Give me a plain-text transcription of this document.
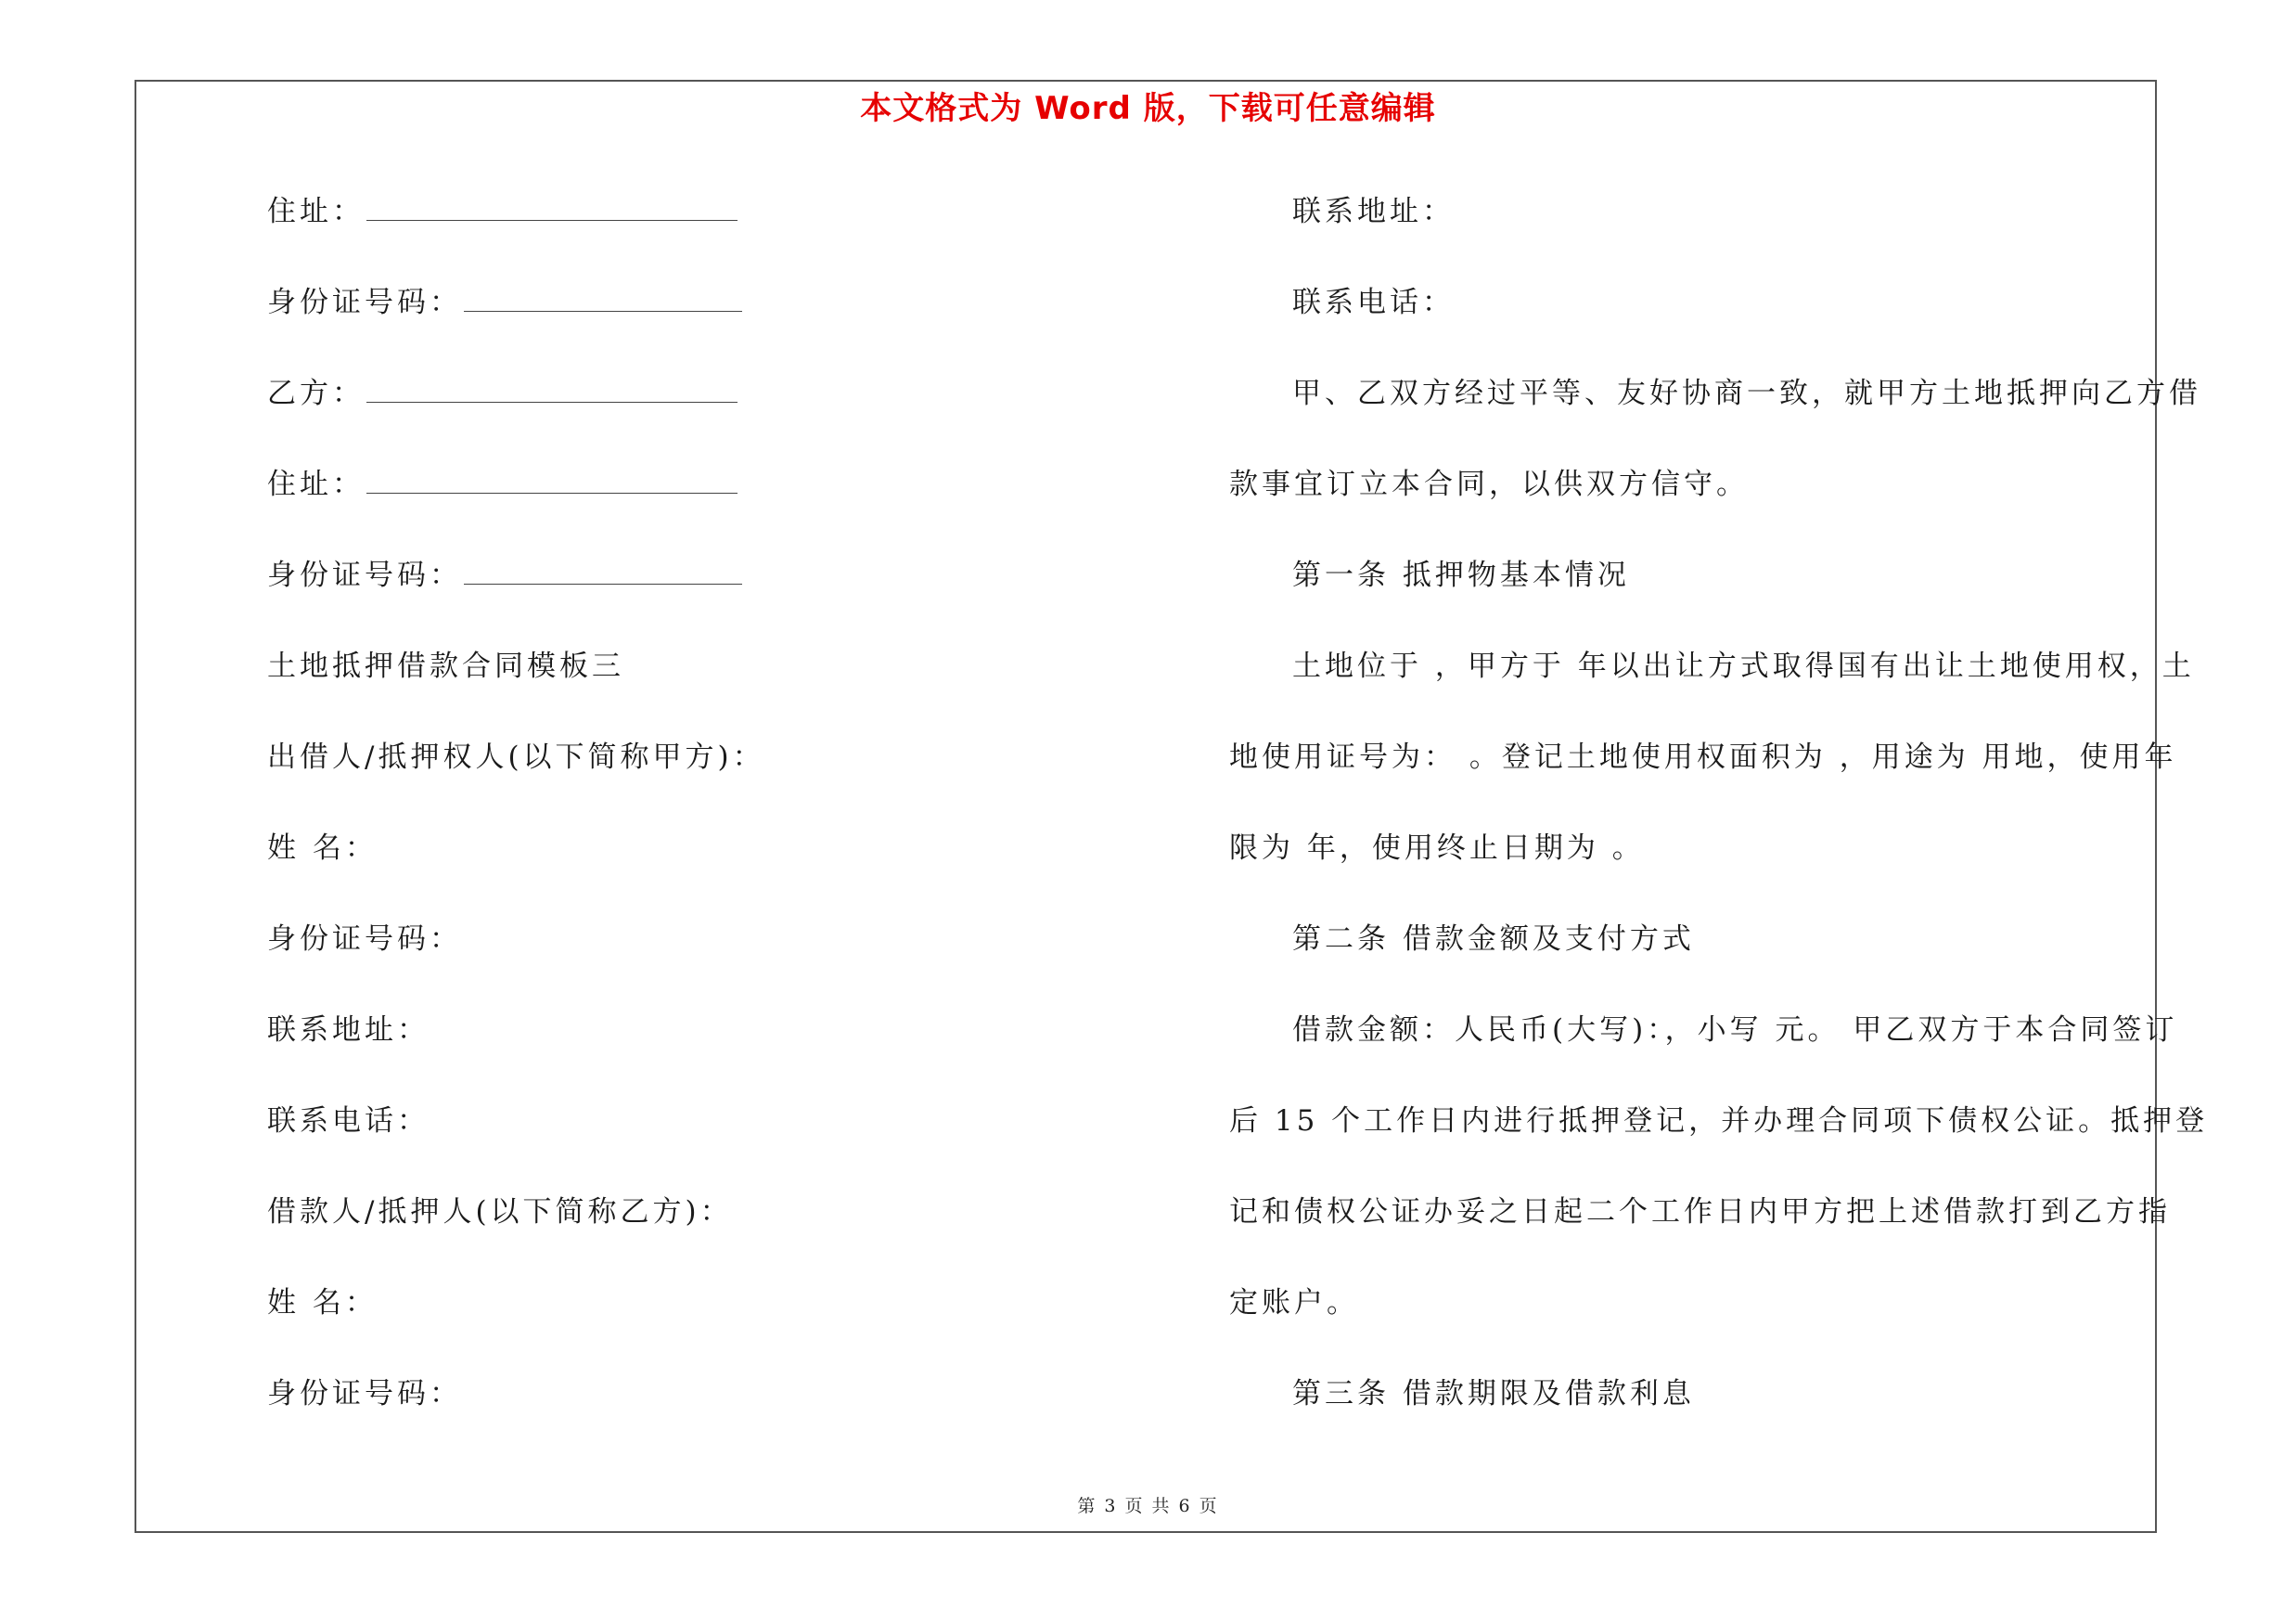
本文格式为 Word 版，下载可任意编辑
住址：
身份证号码：
乙方：
住址：
身份证号码：
土地抵押借款合同模板三
出借人/抵押权人(以下简称甲方)：
姓 名：
身份证号码：
联系地址：
联系电话：
借款人/抵押人(以下简称乙方)：
姓 名：
身份证号码：
联系地址：
联系电话：
甲、乙双方经过平等、友好协商一致，就甲方土地抵押向乙方借
款事宜订立本合同，以供双方信守。
第一条 抵押物基本情况
土地位于 ，甲方于 年以出让方式取得国有出让土地使用权，土
地使用证号为： 。登记土地使用权面积为 ，用途为 用地，使用年
限为 年，使用终止日期为 。
第二条 借款金额及支付方式
借款金额：人民币(大写)：，小写 元。 甲乙双方于本合同签订
后 15 个工作日内进行抵押登记，并办理合同项下债权公证。抵押登
记和债权公证办妥之日起二个工作日内甲方把上述借款打到乙方指
定账户。
第三条 借款期限及借款利息
第 3 页 共 6 页
